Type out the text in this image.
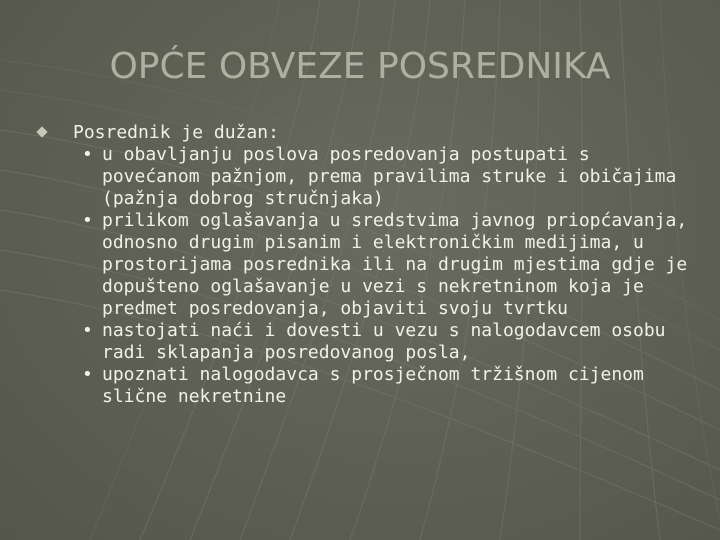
OPĆE OBVEZE POSREDNIKA
Posrednik je dužan:
• u obavljanju poslova posredovanja postupati s povećanom pažnjom, prema pravilima struke i običajima (pažnja dobrog stručnjaka)
• prilikom oglašavanja u sredstvima javnog priopćavanja, odnosno drugim pisanim i elektroničkim medijima, u prostorijama posrednika ili na drugim mjestima gdje je dopušteno oglašavanje u vezi s nekretninom koja je predmet posredovanja, objaviti svoju tvrtku
• nastojati naći i dovesti u vezu s nalogodavcem osobu radi sklapanja posredovanog posla,
• upoznati nalogodavca s prosječnom tržišnom cijenom slične nekretnine
